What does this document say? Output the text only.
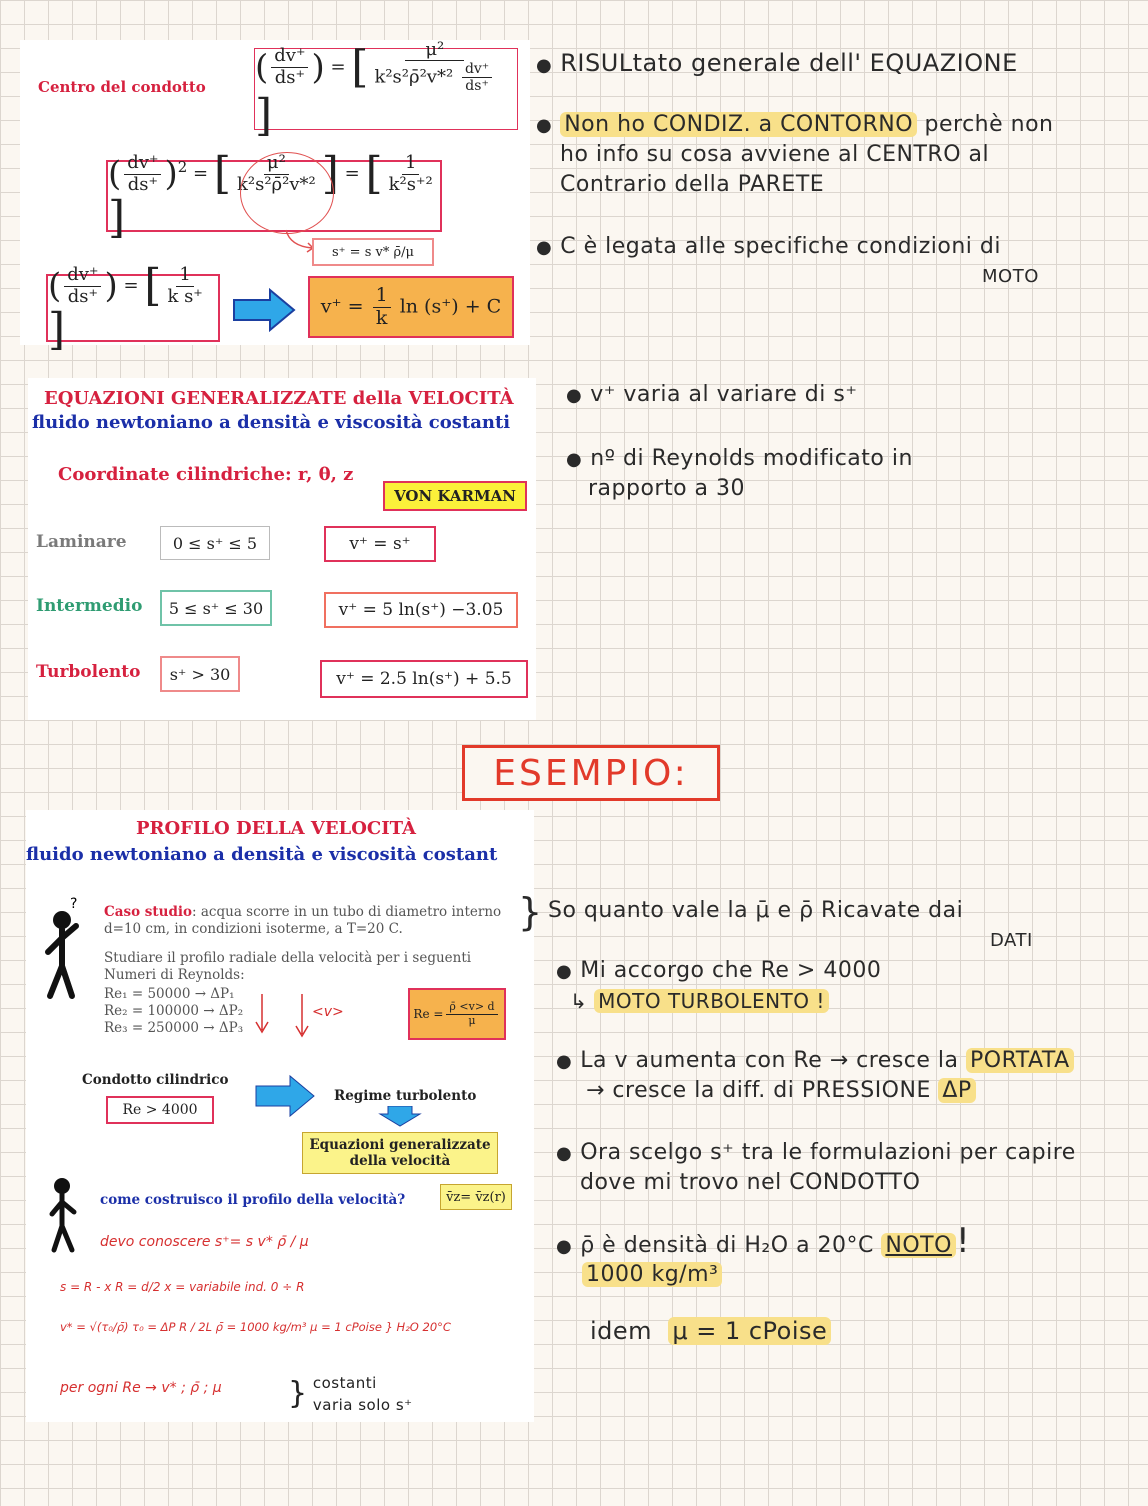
Centro del condotto ( $\frac{dv^+}{ds^+}$ ) = [ $\frac{\text{μ²}}{k^2s^2\rhō^2v*^2 \frac{dv^+}{ds^+}}$
]
( $\frac{dv^+}{ds^+} )^2$ = [ $\frac{\text{μ²}}{\text{k²s²ρ̄²v*²}}$ ] = [ $\frac{1}{\text{k²s⁺²}}$
]
s⁺ = s v* ρ̄/μ
( $\frac{dv^+}{ds^+}$ ) = [ $\frac{1}{\text{k s⁺}}$
]	$v^+ = \frac{1}{k}$ ln (s⁺) + C
EQUAZIONI GENERALIZZATE della VELOCITÀ
fluido newtoniano a densità e viscosità costanti
Coordinate cilindriche: r, θ, z
VON KARMAN
Laminare	0 ≤ s⁺ ≤ 5	v⁺ = s⁺
Intermedio	5 ≤ s⁺ ≤ 30	v⁺ = 5 ln(s⁺) −3.05
Turbolento	s⁺ > 30	v⁺ = 2.5 ln(s⁺) + 5.5
ESEMPIO:
PROFILO DELLA VELOCITÀ
fluido newtoniano a densità e viscosità costant
? Caso studio: acqua scorre in un tubo di diametro interno
d=10 cm, in condizioni isoterme, a T=20 C.
Studiare il profilo radiale della velocità per i seguenti
Numeri di Reynolds:
Re₁ = 50000 → ΔP₁
Re₂ = 100000 → ΔP₂
Re₃ = 250000 → ΔP₃
<v>	$Re = \frac{\rhō <v> d}{\mu}$
Condotto cilindrico
Re > 4000
Regime turbolento
Equazioni generalizzate
della velocità
come costruisco il profilo della velocità?	v̄z= v̄z(r)
devo conoscere s⁺= s v* ρ̄ / μ
s = R - x R = d/2 x = variabile ind. 0 ÷ R
v* = √(τ₀/ρ̄) τ₀ = ΔP R / 2L ρ̄ = 1000 kg/m³ μ = 1 cPoise } H₂O 20°C
per ogni Re → v* ; ρ̄ ; μ } costanti
varia solo s⁺
● RISULtato generale dell' EQUAZIONE
● Non ho CONDIZ. a CONTORNO perchè non
ho info su cosa avviene al CENTRO al
Contrario della PARETE
● C è legata alle specifiche condizioni di
MOTO
● v⁺ varia al variare di s⁺
● nº di Reynolds modificato in
rapporto a 30
} So quanto vale la μ̄ e ρ̄ Ricavate dai
DATI
● Mi accorgo che Re > 4000
↳ MOTO TURBOLENTO !
● La v aumenta con Re → cresce la PORTATA
→ cresce la diff. di PRESSIONE ΔP
● Ora scelgo s⁺ tra le formulazioni per capire
dove mi trovo nel CONDOTTO
● ρ̄ è densità di H₂O a 20°C NOTO !
1000 kg/m³
idem μ = 1 cPoise
